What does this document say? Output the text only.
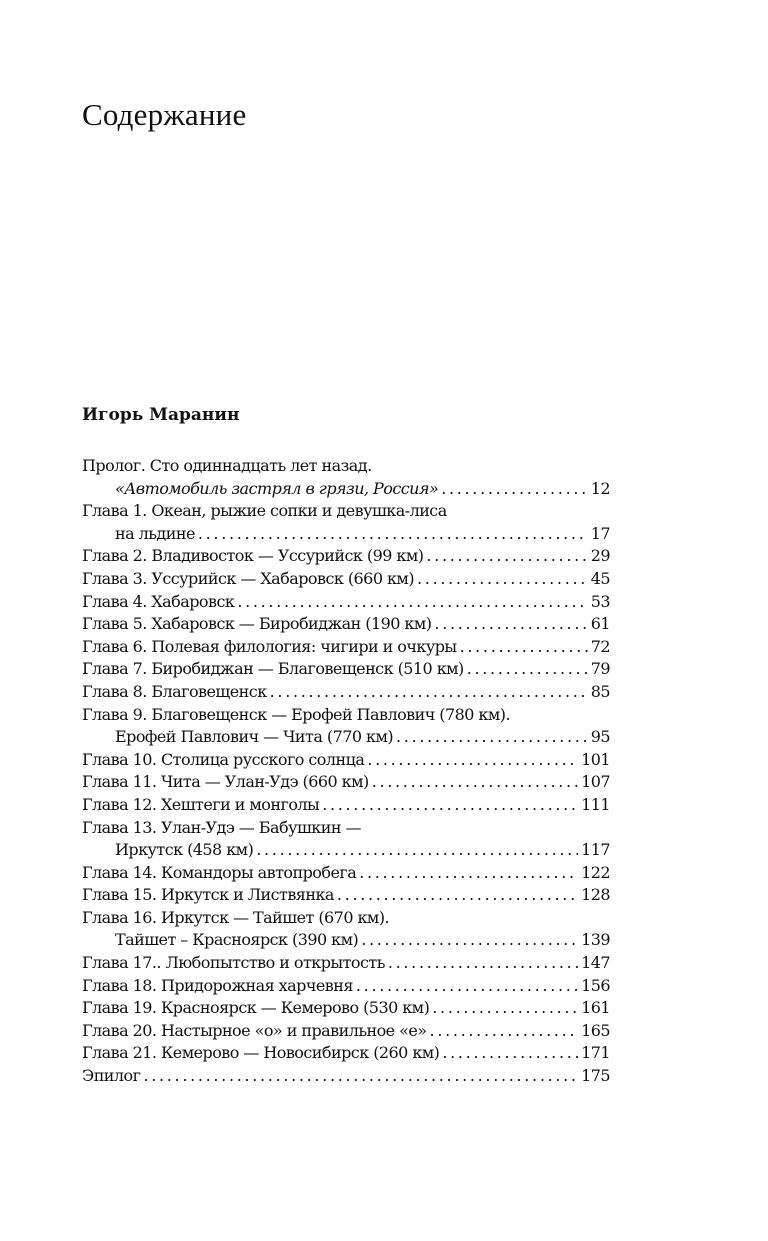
Содержание
Игорь Маранин
Пролог. Сто одиннадцать лет назад.
«Автомобиль застрял в грязи, Россия» . . .	12
Глава 1. Океан, рыжие сопки и девушка-лиса
на льдине . . .	17
Глава 2. Владивосток — Уссурийск (99 км) . . .	29
Глава 3. Уссурийск — Хабаровск (660 км) . . .	45
Глава 4. Хабаровск . . .	53
Глава 5. Хабаровск — Биробиджан (190 км) . . .	61
Глава 6. Полевая филология: чигири и очкуры . . .	72
Глава 7. Биробиджан — Благовещенск (510 км) . . .	79
Глава 8. Благовещенск . . .	85
Глава 9. Благовещенск — Ерофей Павлович (780 км).
Ерофей Павлович — Чита (770 км) . . .	95
Глава 10. Столица русского солнца . . .	101
Глава 11. Чита — Улан-Удэ (660 км) . . .	107
Глава 12. Хештеги и монголы . . .	111
Глава 13. Улан-Удэ — Бабушкин —
Иркутск (458 км) . . .	117
Глава 14. Командоры автопробега . . .	122
Глава 15. Иркутск и Листвянка . . .	128
Глава 16. Иркутск — Тайшет (670 км).
Тайшет – Красноярск (390 км) . . .	139
Глава 17.. Любопытство и открытость . . .	147
Глава 18. Придорожная харчевня . . .	156
Глава 19. Красноярск — Кемерово (530 км) . . .	161
Глава 20. Настырное «о» и правильное «е» . . .	165
Глава 21. Кемерово — Новосибирск (260 км) . . .	171
Эпилог . . .	175
